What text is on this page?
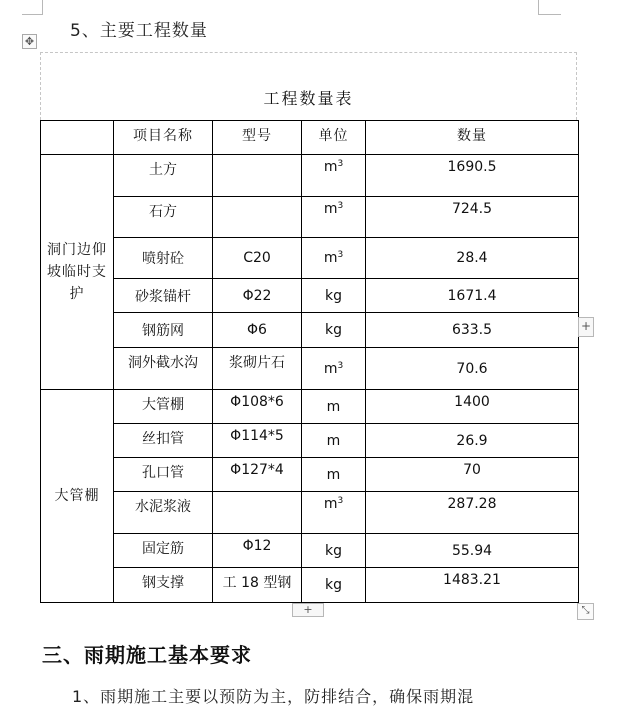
5、主要工程数量
✥
工程数量表
	项目名称	型号	单位	数量
洞门边仰坡临时支护	土方		$m^3$	1690.5
	石方		$m^3$	724.5
	喷射砼	C20	$m^3$	28.4
	砂浆锚杆	Φ22	kg	1671.4
	钢筋网	Φ6	kg	633.5
	洞外截水沟	浆砌片石	$m^3$	70.6
大管棚	大管棚	Φ108*6	m	1400
	丝扣管	Φ114*5	m	26.9
	孔口管	Φ127*4	m	70
	水泥浆液		$m^3$	287.28
	固定筋	Φ12	kg	55.94
	钢支撑	工 18 型钢	kg	1483.21
+
+	⤡
三、雨期施工基本要求
1、雨期施工主要以预防为主，防排结合，确保雨期混
